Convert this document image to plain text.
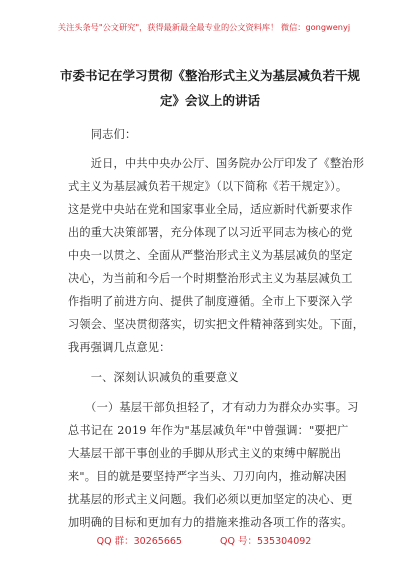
关注头条号"公文研究"，获得最新最全最专业的公文资料库！ 微信：gongwenyj
市委书记在学习贯彻《整治形式主义为基层减负若干规
定》会议上的讲话
　　同志们：
　　近日，中共中央办公厅、国务院办公厅印发了《整治形
式主义为基层减负若干规定》（以下简称《若干规定》）。
这是党中央站在党和国家事业全局，适应新时代新要求作
出的重大决策部署，充分体现了以习近平同志为核心的党
中央一以贯之、全面从严整治形式主义为基层减负的坚定
决心，为当前和今后一个时期整治形式主义为基层减负工
作指明了前进方向、提供了制度遵循。全市上下要深入学
习领会、坚决贯彻落实，切实把文件精神落到实处。下面，
我再强调几点意见：
　　一、深刻认识减负的重要意义
　　（一）基层干部负担轻了，才有动力为群众办实事。习
总书记在 2019 年作为"基层减负年"中曾强调："要把广
大基层干部干事创业的手脚从形式主义的束缚中解脱出
来"。目的就是要坚持严字当头、刀刃向内，推动解决困
扰基层的形式主义问题。我们必须以更加坚定的决心、更
加明确的目标和更加有力的措施来推动各项工作的落实。
QQ 群：30265665　　　　QQ 号：535304092
